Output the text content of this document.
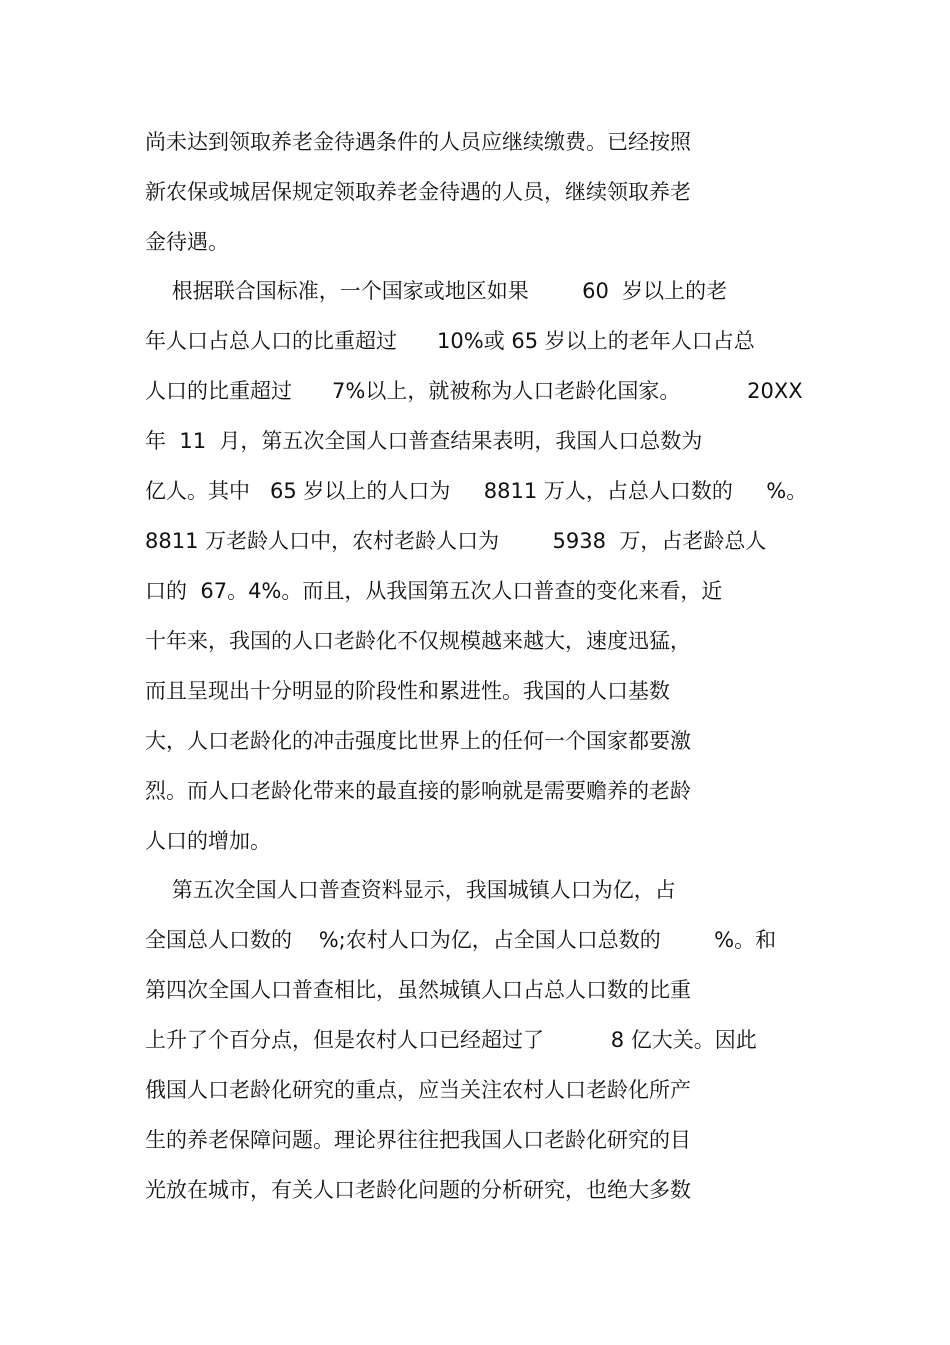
尚未达到领取养老金待遇条件的人员应继续缴费。已经按照
新农保或城居保规定领取养老金待遇的人员，继续领取养老
金待遇。
根据联合国标准，一个国家或地区如果        60  岁以上的老
年人口占总人口的比重超过      10%或 65 岁以上的老年人口占总
人口的比重超过      7%以上，就被称为人口老龄化国家。          20XX
年  11  月，第五次全国人口普查结果表明，我国人口总数为
亿人。其中   65 岁以上的人口为     8811 万人，占总人口数的     %。
8811 万老龄人口中，农村老龄人口为        5938  万，占老龄总人
口的  67。4%。而且，从我国第五次人口普查的变化来看，近
十年来，我国的人口老龄化不仅规模越来越大，速度迅猛，
而且呈现出十分明显的阶段性和累进性。我国的人口基数
大，人口老龄化的冲击强度比世界上的任何一个国家都要激
烈。而人口老龄化带来的最直接的影响就是需要赡养的老龄
人口的增加。
第五次全国人口普查资料显示，我国城镇人口为亿，占
全国总人口数的    %;农村人口为亿，占全国人口总数的        %。和
第四次全国人口普查相比，虽然城镇人口占总人口数的比重
上升了个百分点，但是农村人口已经超过了          8 亿大关。因此
俄国人口老龄化研究的重点，应当关注农村人口老龄化所产
生的养老保障问题。理论界往往把我国人口老龄化研究的目
光放在城市，有关人口老龄化问题的分析研究，也绝大多数
